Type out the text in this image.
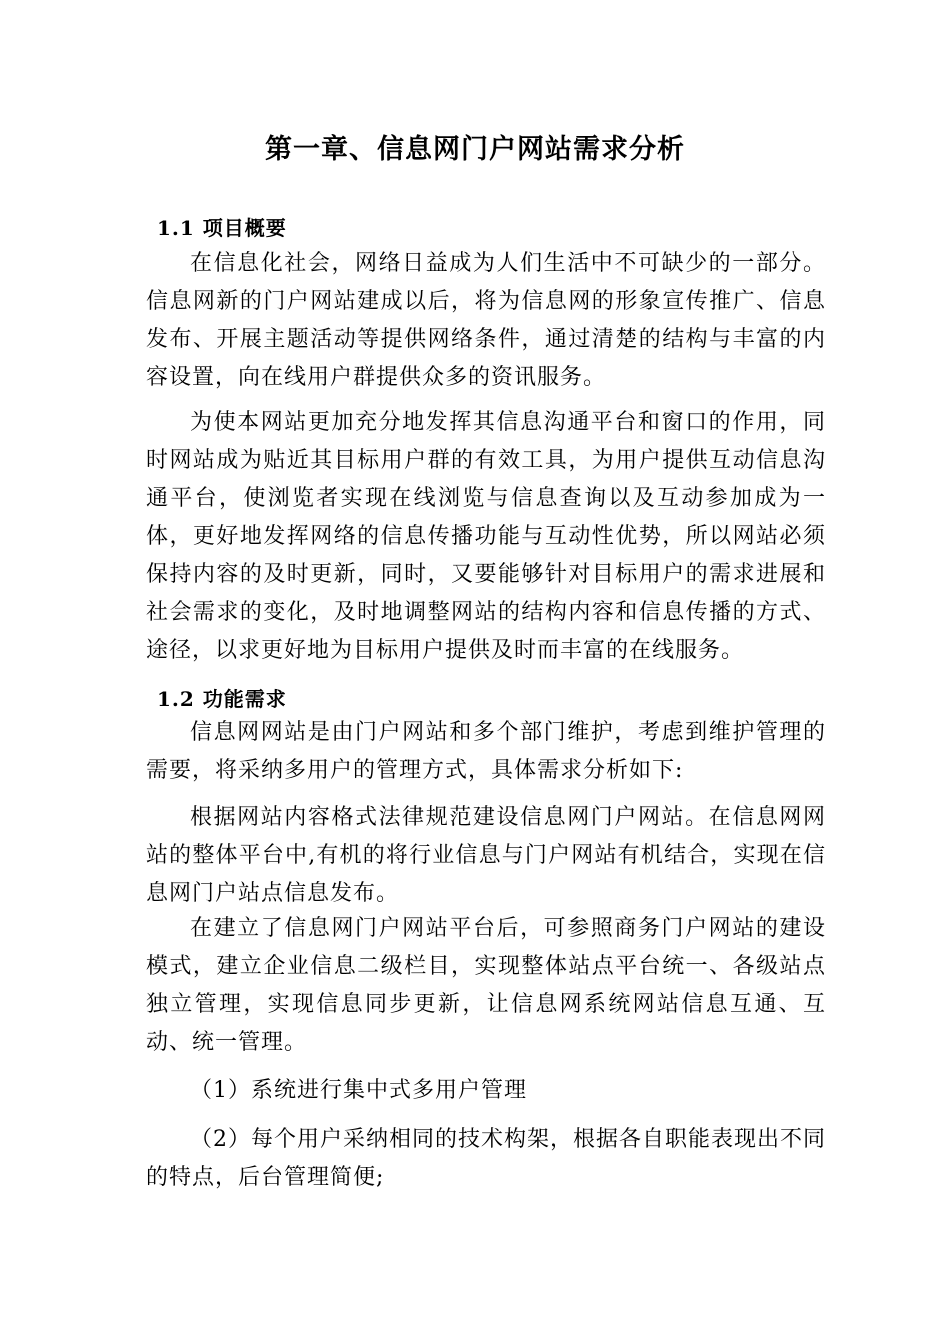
第一章、信息网门户网站需求分析
1.1 项目概要

在信息化社会，网络日益成为人们生活中不可缺少的一部分。信息网新的门户网站建成以后，将为信息网的形象宣传推广、信息发布、开展主题活动等提供网络条件，通过清楚的结构与丰富的内容设置，向在线用户群提供众多的资讯服务。

为使本网站更加充分地发挥其信息沟通平台和窗口的作用，同时网站成为贴近其目标用户群的有效工具，为用户提供互动信息沟通平台，使浏览者实现在线浏览与信息查询以及互动参加成为一体，更好地发挥网络的信息传播功能与互动性优势，所以网站必须保持内容的及时更新，同时，又要能够针对目标用户的需求进展和社会需求的变化，及时地调整网站的结构内容和信息传播的方式、途径，以求更好地为目标用户提供及时而丰富的在线服务。

1.2 功能需求

信息网网站是由门户网站和多个部门维护，考虑到维护管理的需要，将采纳多用户的管理方式，具体需求分析如下:

根据网站内容格式法律规范建设信息网门户网站。在信息网网站的整体平台中,有机的将行业信息与门户网站有机结合，实现在信息网门户站点信息发布。

在建立了信息网门户网站平台后，可参照商务门户网站的建设模式，建立企业信息二级栏目，实现整体站点平台统一、各级站点独立管理，实现信息同步更新，让信息网系统网站信息互通、互动、统一管理。

（1）系统进行集中式多用户管理

（2）每个用户采纳相同的技术构架，根据各自职能表现出不同的特点，后台管理简便;
